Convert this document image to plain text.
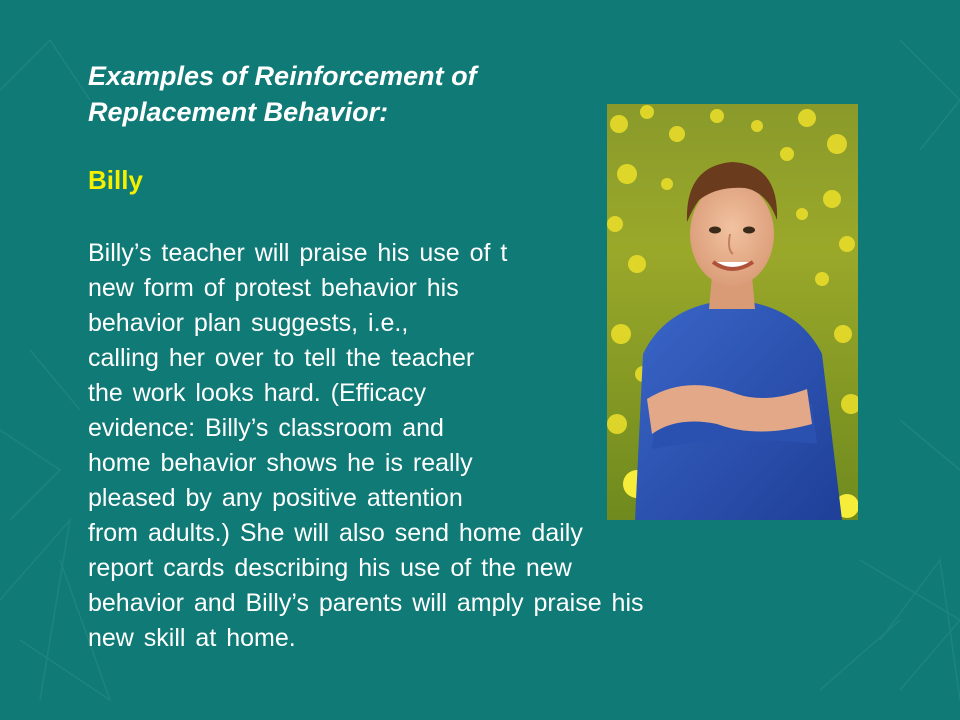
Examples of Reinforcement of
Replacement Behavior:
Billy

Billy’s teacher will praise his use of t
new form of protest behavior his
behavior plan suggests, i.e.,
calling her over to tell the teacher
the work looks hard. (Efficacy
evidence: Billy’s classroom and
home behavior shows he is really
pleased by any positive attention
from adults.) She will also send home daily
report cards describing his use of the new
behavior and Billy’s parents will amply praise his
new skill at home.
